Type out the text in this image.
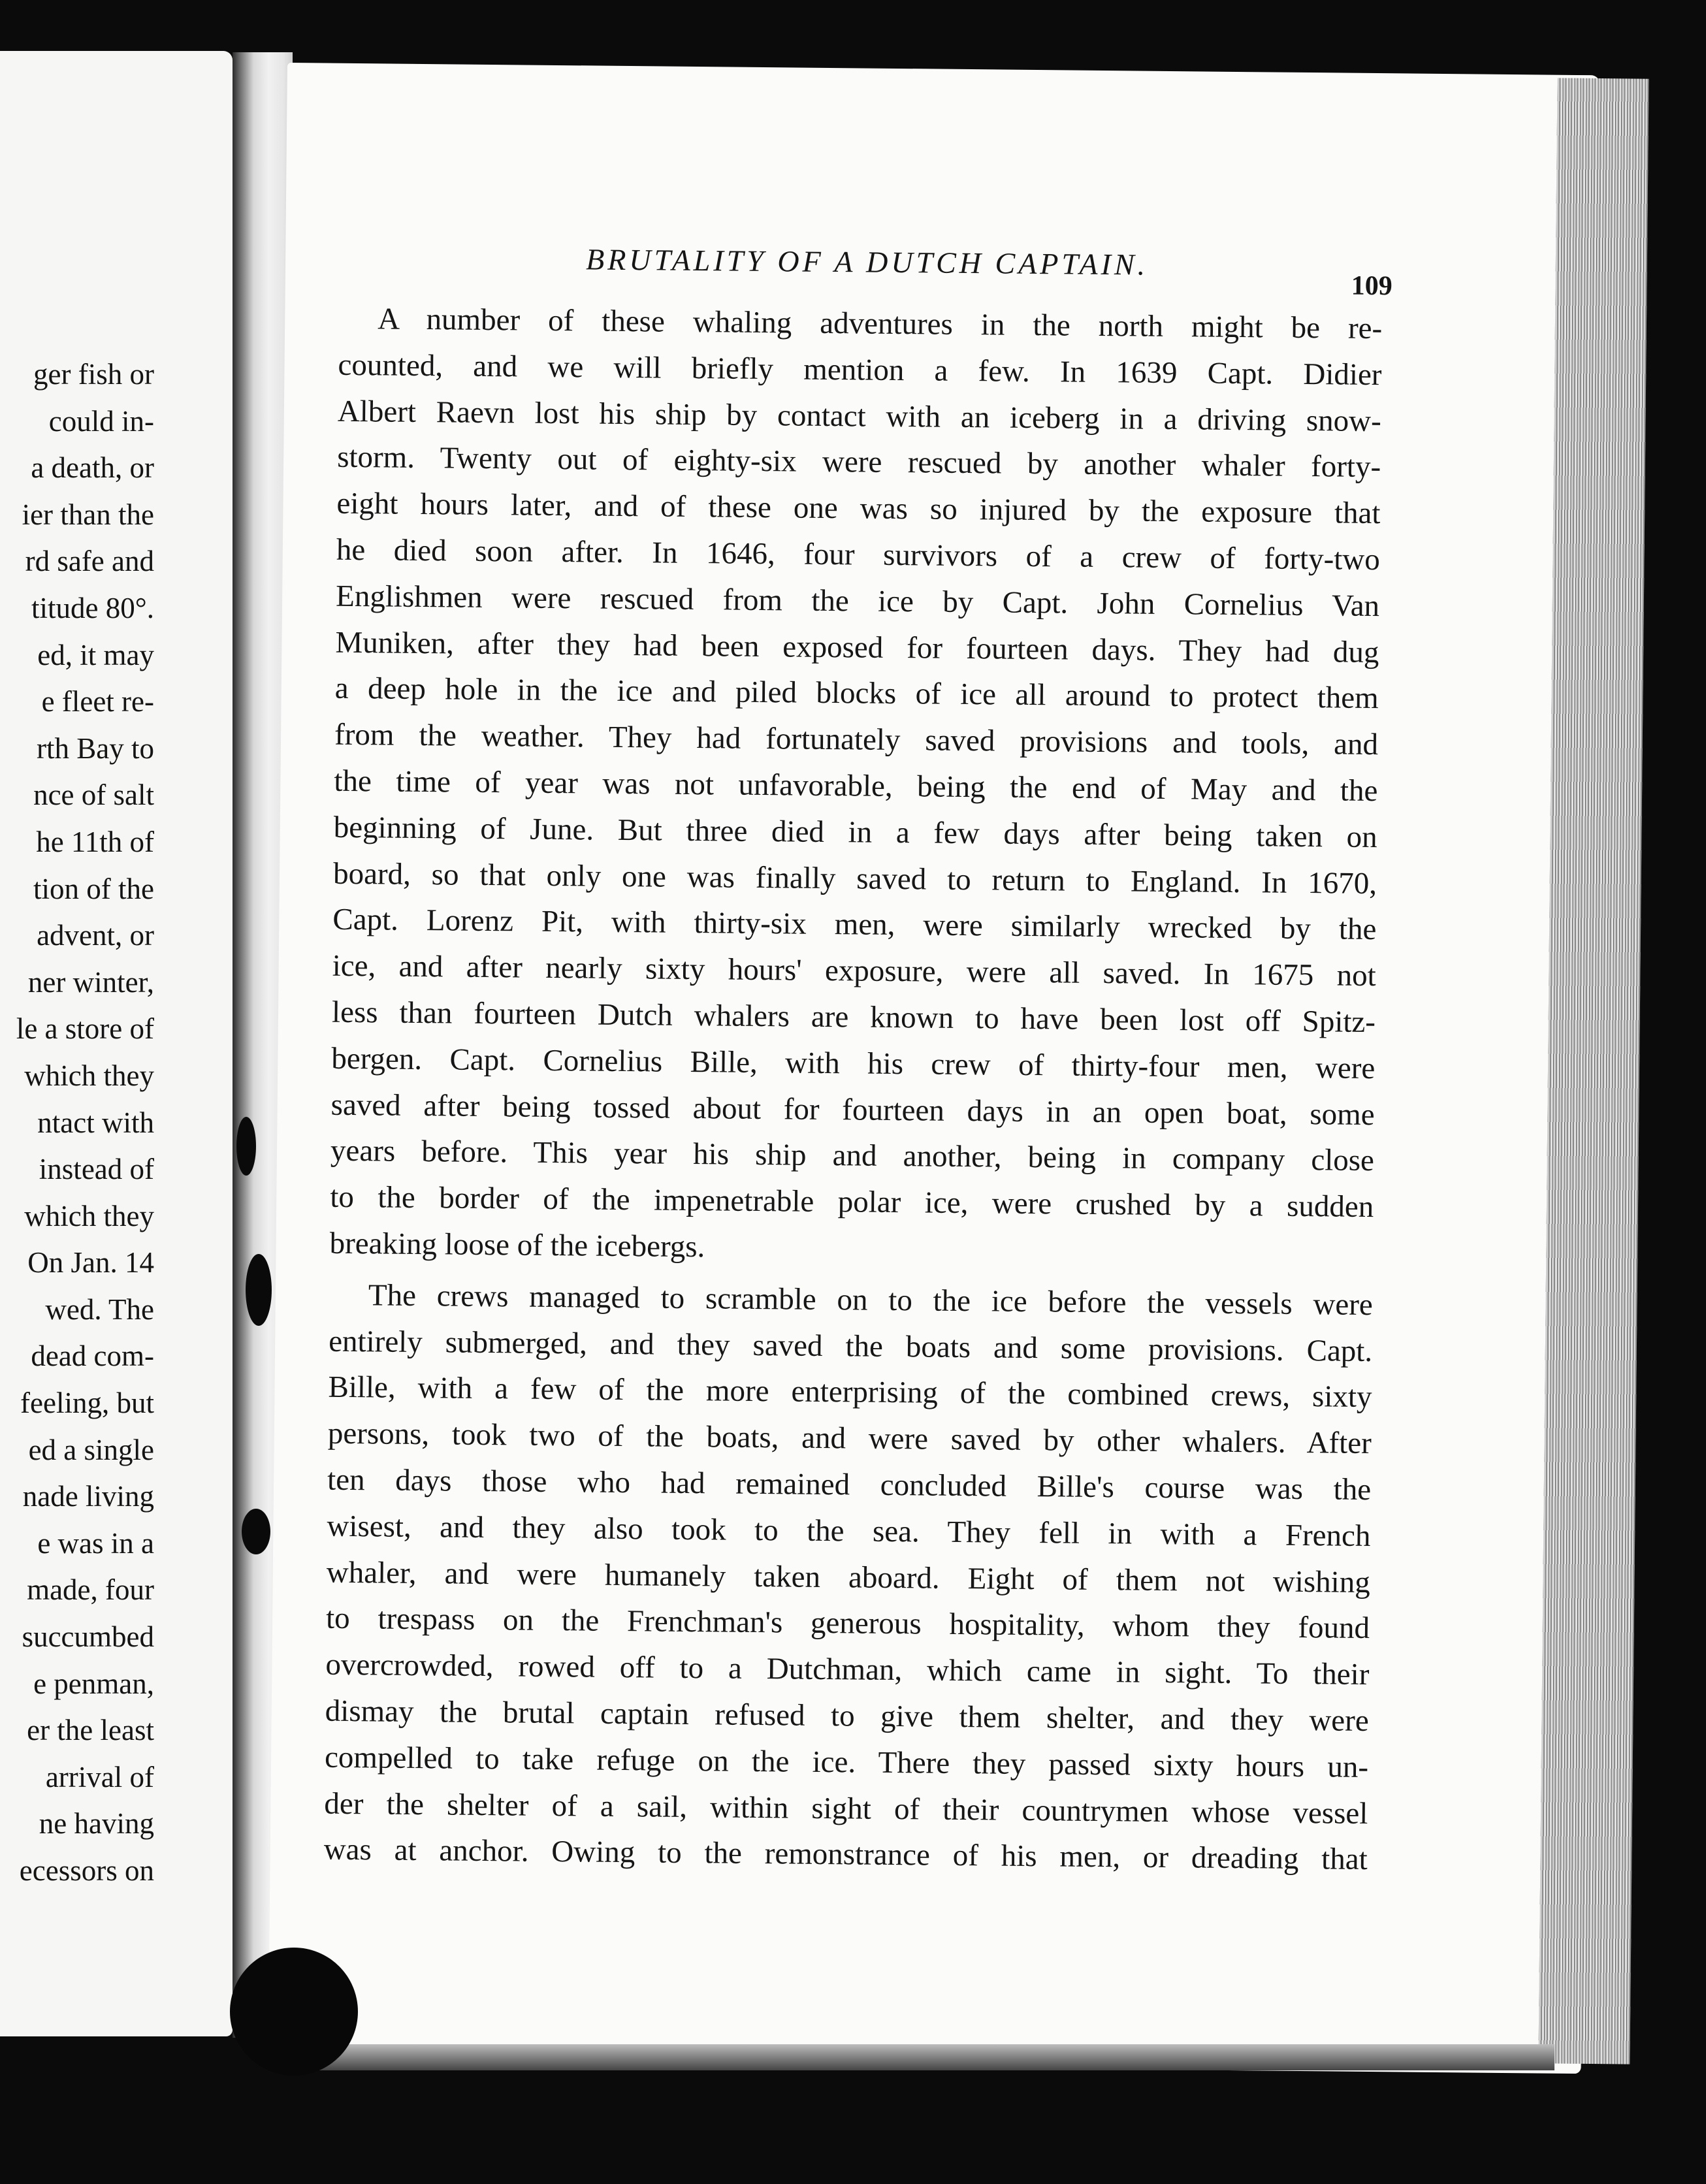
ger fish or
could in-
a death, or
ier than the
rd safe and
titude 80°.
ed, it may
e fleet re-
rth Bay to
nce of salt
he 11th of
tion of the
advent, or
ner winter,
le a store of
which they
ntact with
instead of
which they
On Jan. 14
wed. The
dead com-
feeling, but
ed a single
nade living
e was in a
made, four
succumbed
e penman,
er the least
arrival of
ne having
ecessors on
BRUTALITY OF A DUTCH CAPTAIN.
109
A number of these whaling adventures in the north might be re-
counted, and we will briefly mention a few. In 1639 Capt. Didier
Albert Raevn lost his ship by contact with an iceberg in a driving snow-
storm. Twenty out of eighty-six were rescued by another whaler forty-
eight hours later, and of these one was so injured by the exposure that
he died soon after. In 1646, four survivors of a crew of forty-two
Englishmen were rescued from the ice by Capt. John Cornelius Van
Muniken, after they had been exposed for fourteen days. They had dug
a deep hole in the ice and piled blocks of ice all around to protect them
from the weather. They had fortunately saved provisions and tools, and
the time of year was not unfavorable, being the end of May and the
beginning of June. But three died in a few days after being taken on
board, so that only one was finally saved to return to England. In 1670,
Capt. Lorenz Pit, with thirty-six men, were similarly wrecked by the
ice, and after nearly sixty hours' exposure, were all saved. In 1675 not
less than fourteen Dutch whalers are known to have been lost off Spitz-
bergen. Capt. Cornelius Bille, with his crew of thirty-four men, were
saved after being tossed about for fourteen days in an open boat, some
years before. This year his ship and another, being in company close
to the border of the impenetrable polar ice, were crushed by a sudden
breaking loose of the icebergs.
The crews managed to scramble on to the ice before the vessels were
entirely submerged, and they saved the boats and some provisions. Capt.
Bille, with a few of the more enterprising of the combined crews, sixty
persons, took two of the boats, and were saved by other whalers. After
ten days those who had remained concluded Bille's course was the
wisest, and they also took to the sea. They fell in with a French
whaler, and were humanely taken aboard. Eight of them not wishing
to trespass on the Frenchman's generous hospitality, whom they found
overcrowded, rowed off to a Dutchman, which came in sight. To their
dismay the brutal captain refused to give them shelter, and they were
compelled to take refuge on the ice. There they passed sixty hours un-
der the shelter of a sail, within sight of their countrymen whose vessel
was at anchor. Owing to the remonstrance of his men, or dreading that
